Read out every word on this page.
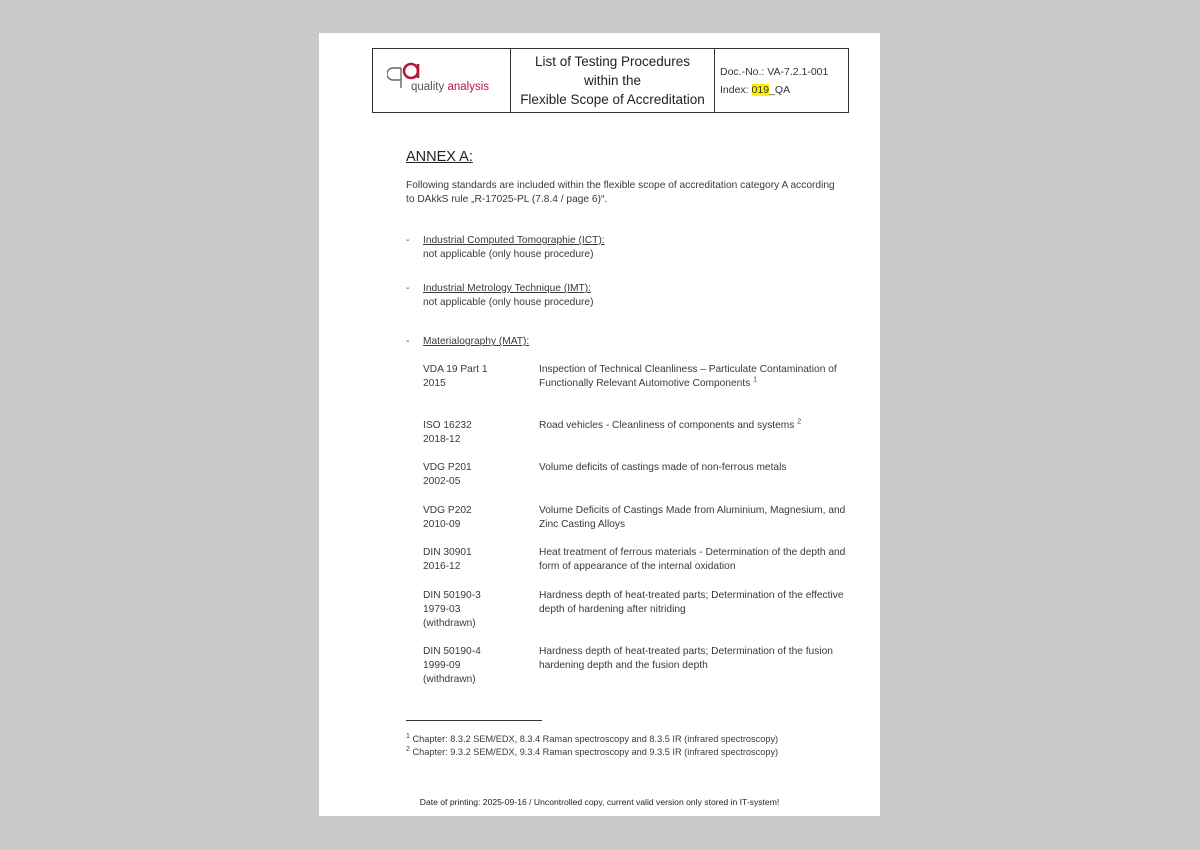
quality analysis
List of Testing Procedures
within the
Flexible Scope of Accreditation
Doc.-No.: VA-7.2.1-001
Index: 019_QA
ANNEX A:
Following standards are included within the flexible scope of accreditation category A according to DAkkS rule „R-17025-PL (7.8.4 / page 6)“.
- Industrial Computed Tomographie (ICT):
not applicable (only house procedure)
- Industrial Metrology Technique (IMT):
not applicable (only house procedure)
- Materialography (MAT):
VDA 19 Part 1
2015
Inspection of Technical Cleanliness – Particulate Contamination of Functionally Relevant Automotive Components $^1$
ISO 16232
2018-12
Road vehicles - Cleanliness of components and systems $^2$
VDG P201
2002-05
Volume deficits of castings made of non-ferrous metals
VDG P202
2010-09
Volume Deficits of Castings Made from Aluminium, Magnesium, and Zinc Casting Alloys
DIN 30901
2016-12
Heat treatment of ferrous materials - Determination of the depth and form of appearance of the internal oxidation
DIN 50190-3
1979-03
(withdrawn)
Hardness depth of heat-treated parts; Determination of the effective depth of hardening after nitriding
DIN 50190-4
1999-09
(withdrawn)
Hardness depth of heat-treated parts; Determination of the fusion hardening depth and the fusion depth
$^1$ Chapter: 8.3.2 SEM/EDX, 8.3.4 Raman spectroscopy and 8.3.5 IR (infrared spectroscopy)
$^2$ Chapter: 9.3.2 SEM/EDX, 9.3.4 Raman spectroscopy and 9.3.5 IR (infrared spectroscopy)
Date of printing: 2025-09-16 / Uncontrolled copy, current valid version only stored in IT-system!
